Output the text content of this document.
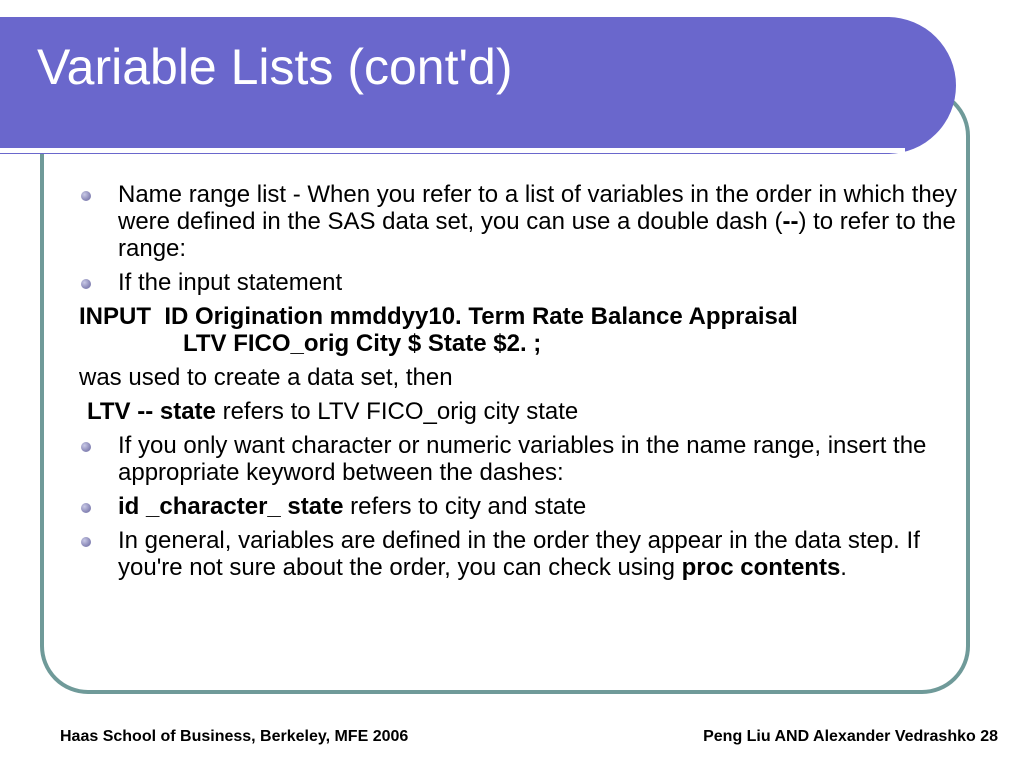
Variable Lists (cont'd)
Name range list - When you refer to a list of variables in the order in which they were defined in the SAS data set, you can use a double dash (--) to refer to the range:
If the input statement
INPUT  ID Origination mmddyy10. Term Rate Balance Appraisal
LTV FICO_orig City $ State $2. ;
was used to create a data set, then
LTV -- state refers to LTV FICO_orig city state
If you only want character or numeric variables in the name range, insert the appropriate keyword between the dashes:
id _character_ state refers to city and state
In general, variables are defined in the order they appear in the data step. If you're not sure about the order, you can check using proc contents.
Haas School of Business, Berkeley, MFE 2006	Peng Liu AND Alexander Vedrashko 28
